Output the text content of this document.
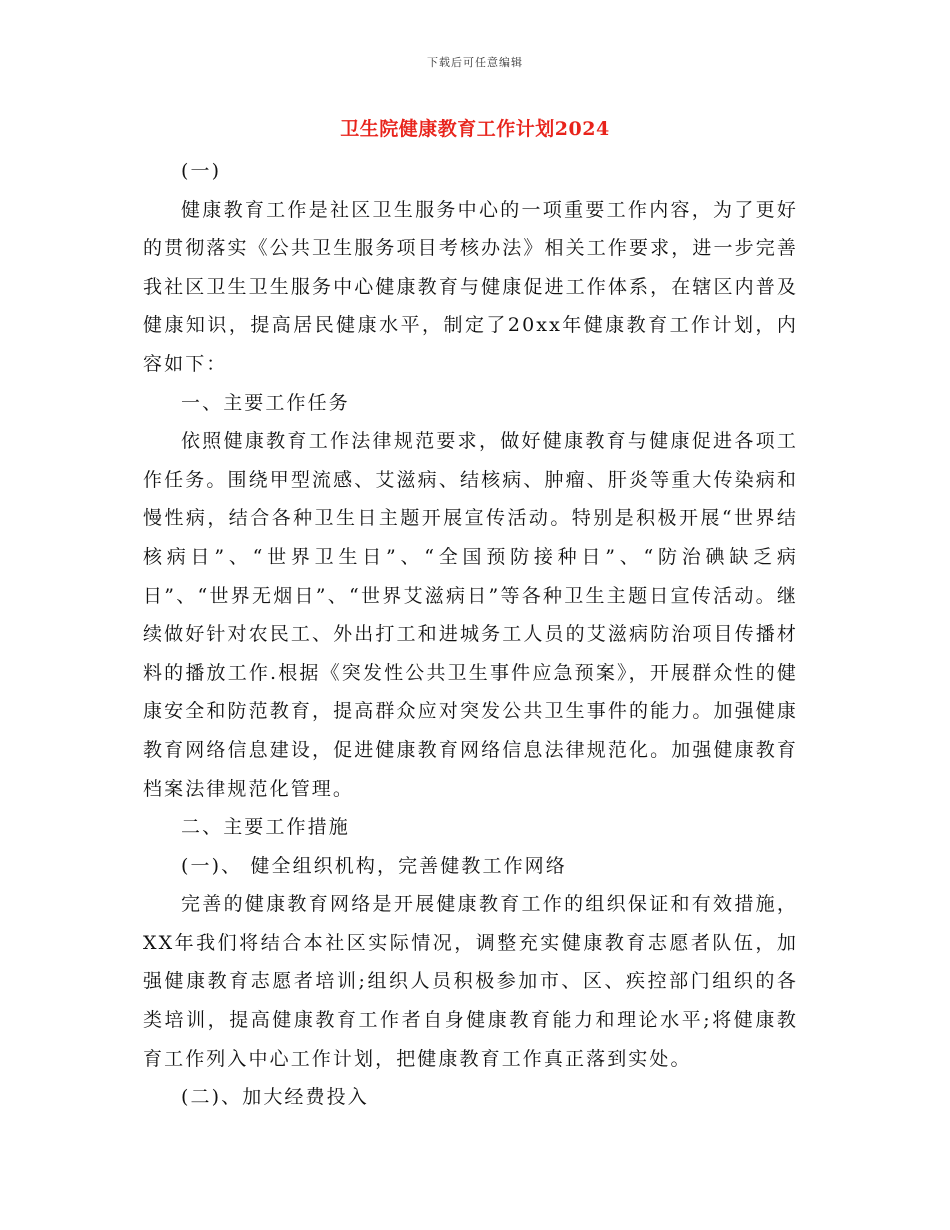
下载后可任意编辑
卫生院健康教育工作计划2024

(一)

健康教育工作是社区卫生服务中心的一项重要工作内容，为了更好的贯彻落实《公共卫生服务项目考核办法》相关工作要求，进一步完善我社区卫生卫生服务中心健康教育与健康促进工作体系，在辖区内普及健康知识，提高居民健康水平，制定了20xx年健康教育工作计划，内容如下：

一、主要工作任务

依照健康教育工作法律规范要求，做好健康教育与健康促进各项工作任务。围绕甲型流感、艾滋病、结核病、肿瘤、肝炎等重大传染病和慢性病，结合各种卫生日主题开展宣传活动。特别是积极开展“世界结核病日”、“世界卫生日”、“全国预防接种日”、“防治碘缺乏病日”、“世界无烟日”、“世界艾滋病日”等各种卫生主题日宣传活动。继续做好针对农民工、外出打工和进城务工人员的艾滋病防治项目传播材料的播放工作.根据《突发性公共卫生事件应急预案》，开展群众性的健康安全和防范教育，提高群众应对突发公共卫生事件的能力。加强健康教育网络信息建设，促进健康教育网络信息法律规范化。加强健康教育档案法律规范化管理。

二、主要工作措施

(一)、 健全组织机构，完善健教工作网络

完善的健康教育网络是开展健康教育工作的组织保证和有效措施，XX年我们将结合本社区实际情况，调整充实健康教育志愿者队伍，加强健康教育志愿者培训;组织人员积极参加市、区、疾控部门组织的各类培训，提高健康教育工作者自身健康教育能力和理论水平;将健康教育工作列入中心工作计划，把健康教育工作真正落到实处。

(二)、加大经费投入
